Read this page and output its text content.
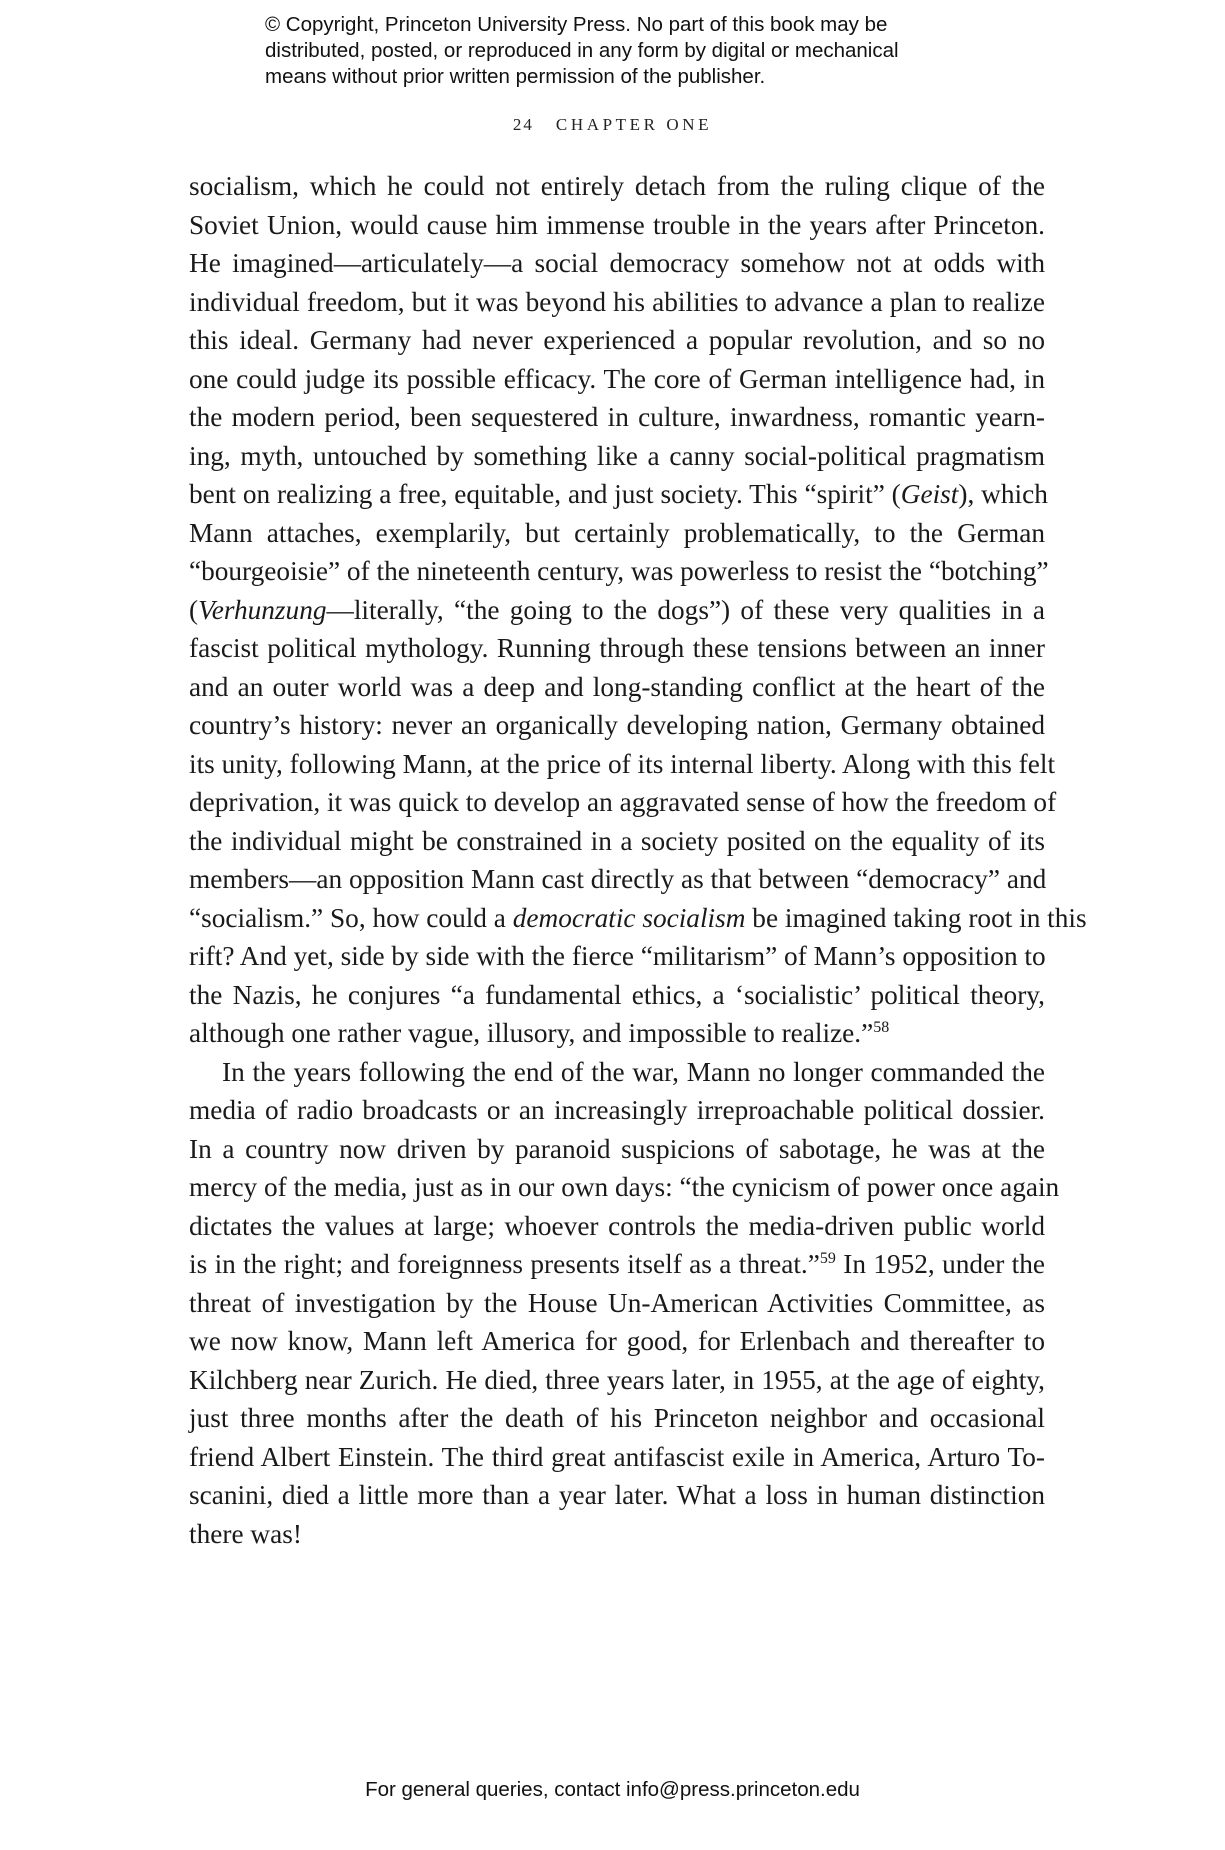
© Copyright, Princeton University Press. No part of this book may be
distributed, posted, or reproduced in any form by digital or mechanical
means without prior written permission of the publisher.
24 CHAPTER ONE
socialism, which he could not entirely detach from the ruling clique of the
Soviet Union, would cause him immense trouble in the years after Princeton.
He imagined—articulately—a social democracy somehow not at odds with
individual freedom, but it was beyond his abilities to advance a plan to realize
this ideal. Germany had never experienced a popular revolution, and so no
one could judge its possible efficacy. The core of German intelligence had, in
the modern period, been sequestered in culture, inwardness, romantic yearn-
ing, myth, untouched by something like a canny social-political pragmatism
bent on realizing a free, equitable, and just society. This “spirit” (Geist), which
Mann attaches, exemplarily, but certainly problematically, to the German
“bourgeoisie” of the nineteenth century, was powerless to resist the “botching”
(Verhunzung—literally, “the going to the dogs”) of these very qualities in a
fascist political mythology. Running through these tensions between an inner
and an outer world was a deep and long-standing conflict at the heart of the
country’s history: never an organically developing nation, Germany obtained
its unity, following Mann, at the price of its internal liberty. Along with this felt
deprivation, it was quick to develop an aggravated sense of how the freedom of
the individual might be constrained in a society posited on the equality of its
members—an opposition Mann cast directly as that between “democracy” and
“socialism.” So, how could a democratic socialism be imagined taking root in this
rift? And yet, side by side with the fierce “militarism” of Mann’s opposition to
the Nazis, he conjures “a fundamental ethics, a ‘socialistic’ political theory,
although one rather vague, illusory, and impossible to realize.”$^{58}$
In the years following the end of the war, Mann no longer commanded the
media of radio broadcasts or an increasingly irreproachable political dossier.
In a country now driven by paranoid suspicions of sabotage, he was at the
mercy of the media, just as in our own days: “the cynicism of power once again
dictates the values at large; whoever controls the media-driven public world
is in the right; and foreignness presents itself as a threat.”$^{59}$ In 1952, under the
threat of investigation by the House Un-American Activities Committee, as
we now know, Mann left America for good, for Erlenbach and thereafter to
Kilchberg near Zurich. He died, three years later, in 1955, at the age of eighty,
just three months after the death of his Princeton neighbor and occasional
friend Albert Einstein. The third great antifascist exile in America, Arturo To-
scanini, died a little more than a year later. What a loss in human distinction
there was!
For general queries, contact info@press.princeton.edu
